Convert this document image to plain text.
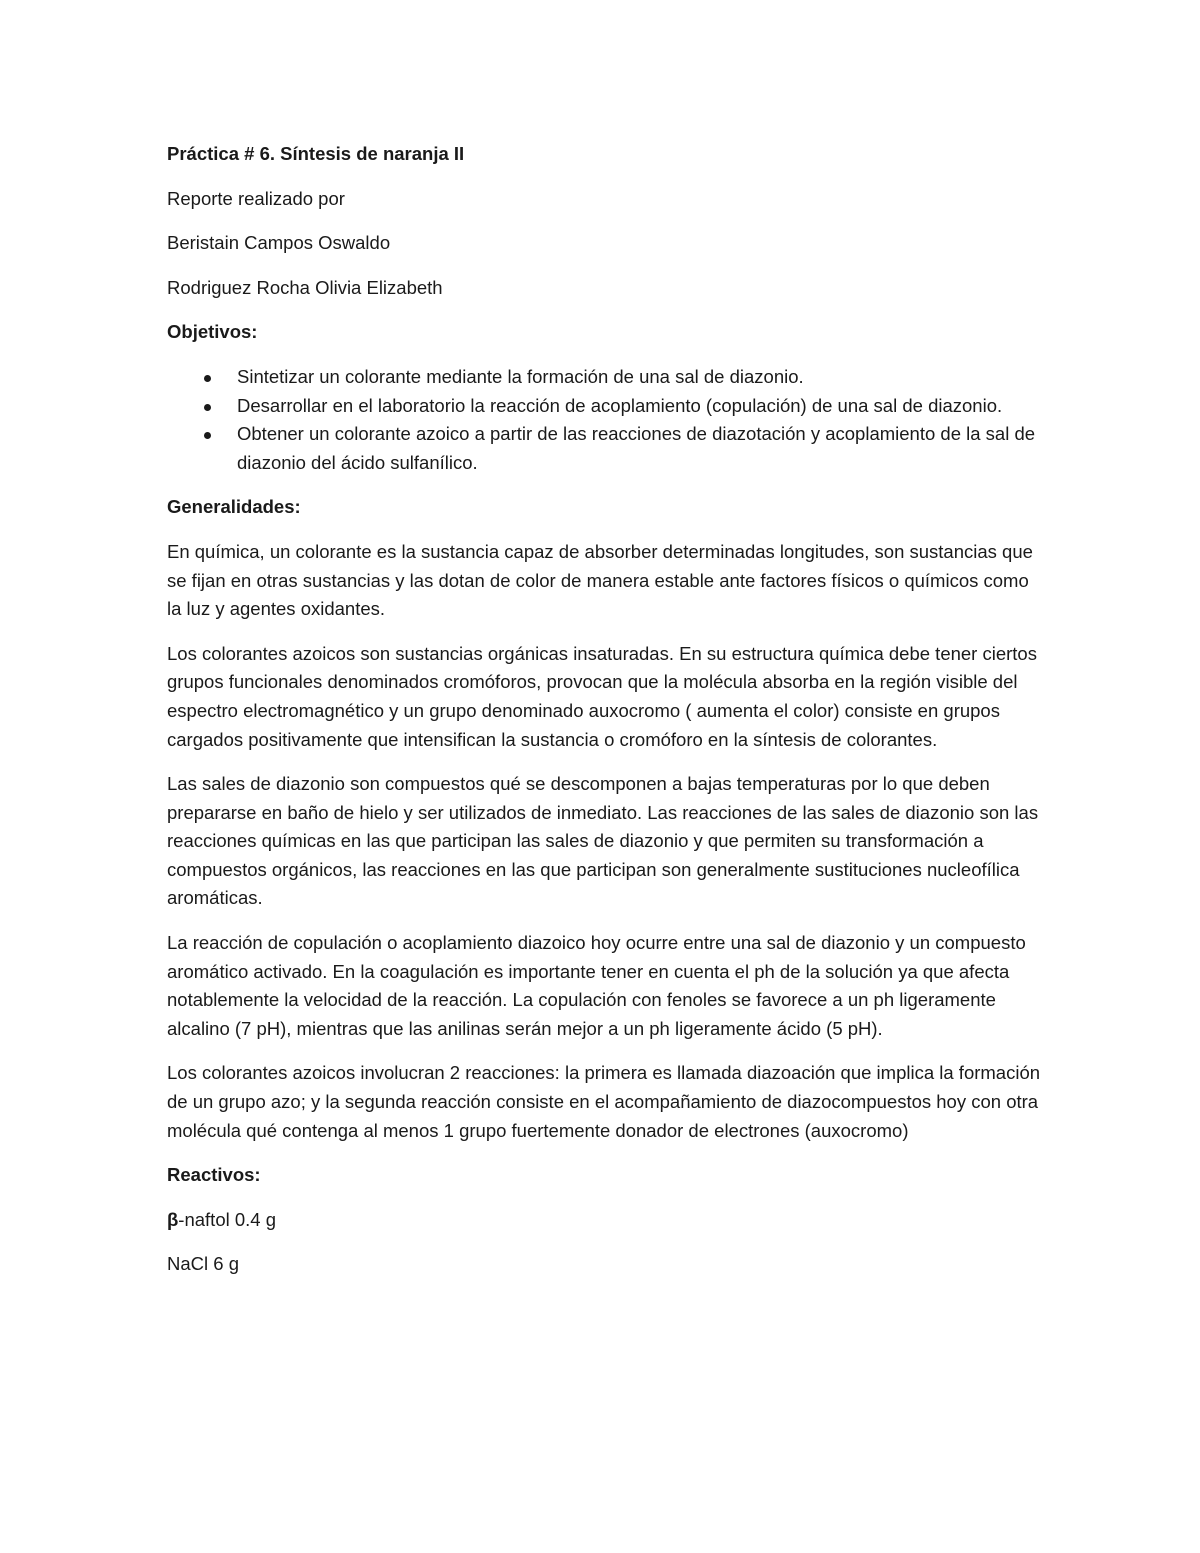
Práctica # 6. Síntesis de naranja II

Reporte realizado por

Beristain Campos Oswaldo

Rodriguez Rocha Olivia Elizabeth

Objetivos:

Sintetizar un colorante mediante la formación de una sal de diazonio.
Desarrollar en el laboratorio la reacción de acoplamiento (copulación) de una sal de diazonio.
Obtener un colorante azoico a partir de las reacciones de diazotación y acoplamiento de la sal de diazonio del ácido sulfanílico.

Generalidades:

En química, un colorante es la sustancia capaz de absorber determinadas longitudes, son sustancias que se fijan en otras sustancias y las dotan de color de manera estable ante factores físicos o químicos como la luz y agentes oxidantes.

Los colorantes azoicos son sustancias orgánicas insaturadas. En su estructura química debe tener ciertos grupos funcionales denominados cromóforos, provocan que la molécula absorba en la región visible del espectro electromagnético y un grupo denominado auxocromo ( aumenta el color) consiste en grupos cargados positivamente que intensifican la sustancia o cromóforo en la síntesis de colorantes.

Las sales de diazonio son compuestos qué se descomponen a bajas temperaturas por lo que deben prepararse en baño de hielo y ser utilizados de inmediato. Las reacciones de las sales de diazonio son las reacciones químicas en las que participan las sales de diazonio y que permiten su transformación a compuestos orgánicos, las reacciones en las que participan son generalmente sustituciones nucleofílica aromáticas.

La reacción de copulación o acoplamiento diazoico hoy ocurre entre una sal de diazonio y un compuesto aromático activado. En la coagulación es importante tener en cuenta el ph de la solución ya que afecta notablemente la velocidad de la reacción. La copulación con fenoles se favorece a un ph ligeramente alcalino (7 pH), mientras que las anilinas serán mejor a un ph ligeramente ácido (5 pH).

Los colorantes azoicos involucran 2 reacciones: la primera es llamada diazoación que implica la formación de un grupo azo; y la segunda reacción consiste en el acompañamiento de diazocompuestos hoy con otra molécula qué contenga al menos 1 grupo fuertemente donador de electrones (auxocromo)

Reactivos:

β-naftol 0.4 g

NaCl 6 g
